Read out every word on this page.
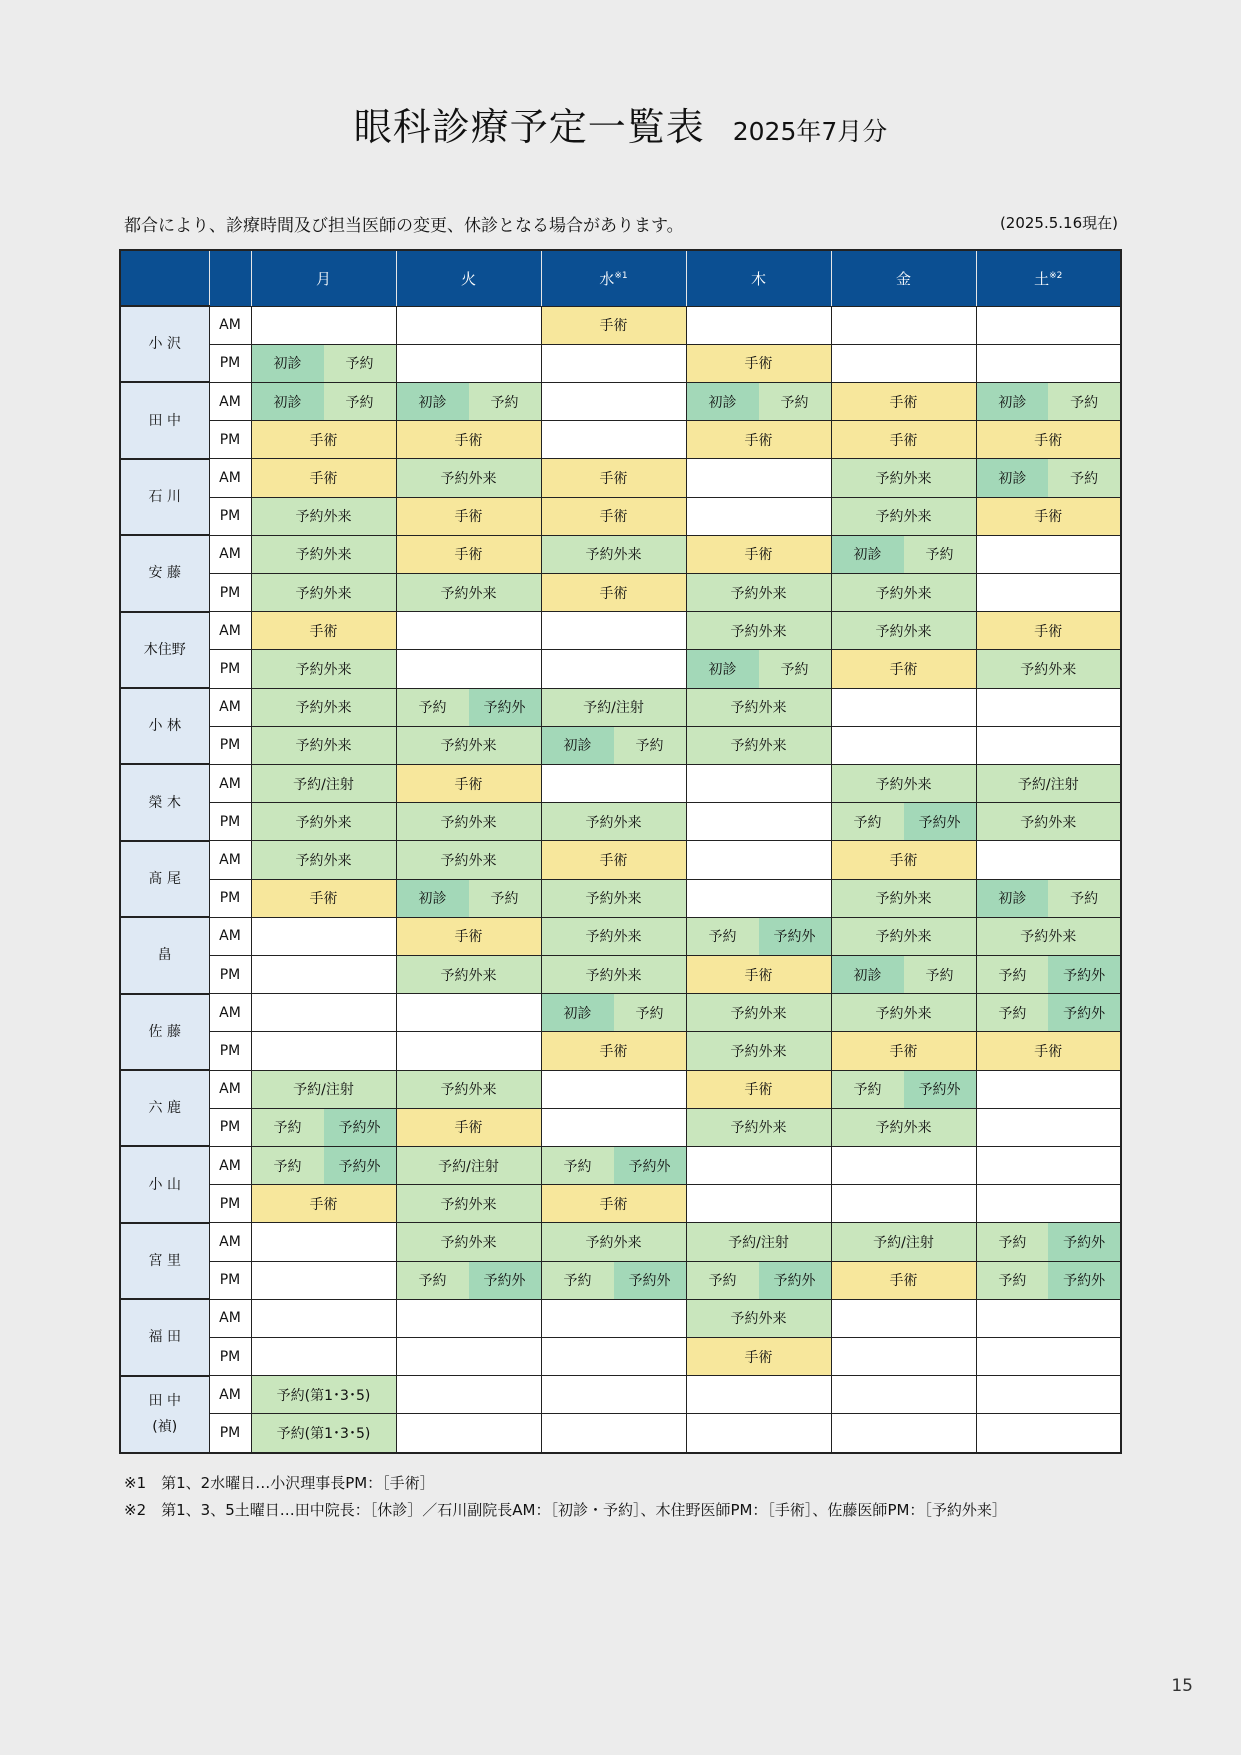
眼科診療予定一覧表 2025年7月分
都合により、診療時間及び担当医師の変更、休診となる場合があります。	(2025.5.16現在)
		月	火	水$^{※1}$	木	金	土$^{※2}$

小 沢	AM			手術			
	PM	初診 予約			手術		

田 中	AM	初診 予約	初診 予約		初診 予約	手術	初診 予約

	PM	手術	手術		手術	手術	手術

石 川	AM	手術	予約外来	手術		予約外来	初診 予約

	PM	予約外来	手術	手術		予約外来	手術

安 藤	AM	予約外来	手術	予約外来	手術	初診 予約	

	PM	予約外来	予約外来	手術	予約外来	予約外来	

木住野	AM	手術			予約外来	予約外来	手術
	PM	予約外来			初診 予約	手術	予約外来

小 林	AM	予約外来	予約 予約外	予約/注射	予約外来		
	PM	予約外来	予約外来	初診 予約	予約外来		

榮 木	AM	予約/注射	手術			予約外来	予約/注射
	PM	予約外来	予約外来	予約外来		予約 予約外	予約外来

髙 尾	AM	予約外来	予約外来	手術		手術	
	PM	手術	初診 予約	予約外来		予約外来	初診 予約

畠	AM		手術	予約外来	予約 予約外	予約外来	予約外来
	PM		予約外来	予約外来	手術	初診 予約	予約 予約外

佐 藤	AM			初診 予約	予約外来	予約外来	予約 予約外

	PM			手術	予約外来	手術	手術

六 鹿	AM	予約/注射	予約外来		手術	予約 予約外	

	PM	予約 予約外	手術		予約外来	予約外来	

小 山	AM	予約 予約外	予約/注射	予約 予約外			

	PM	手術	予約外来	手術			

宮 里	AM		予約外来	予約外来	予約/注射	予約/注射	予約 予約外

	PM		予約 予約外	予約 予約外	予約 予約外	手術	予約 予約外

福 田	AM				予約外来		
	PM				手術		

田 中
(禎)	AM	予約(第1･3･5)					
	PM	予約(第1･3･5)					
※1　第1、2水曜日…小沢理事長PM：［手術］
※2　第1、3、5土曜日…田中院長：［休診］／石川副院長AM：［初診・予約］、木住野医師PM：［手術］、佐藤医師PM：［予約外来］
15
